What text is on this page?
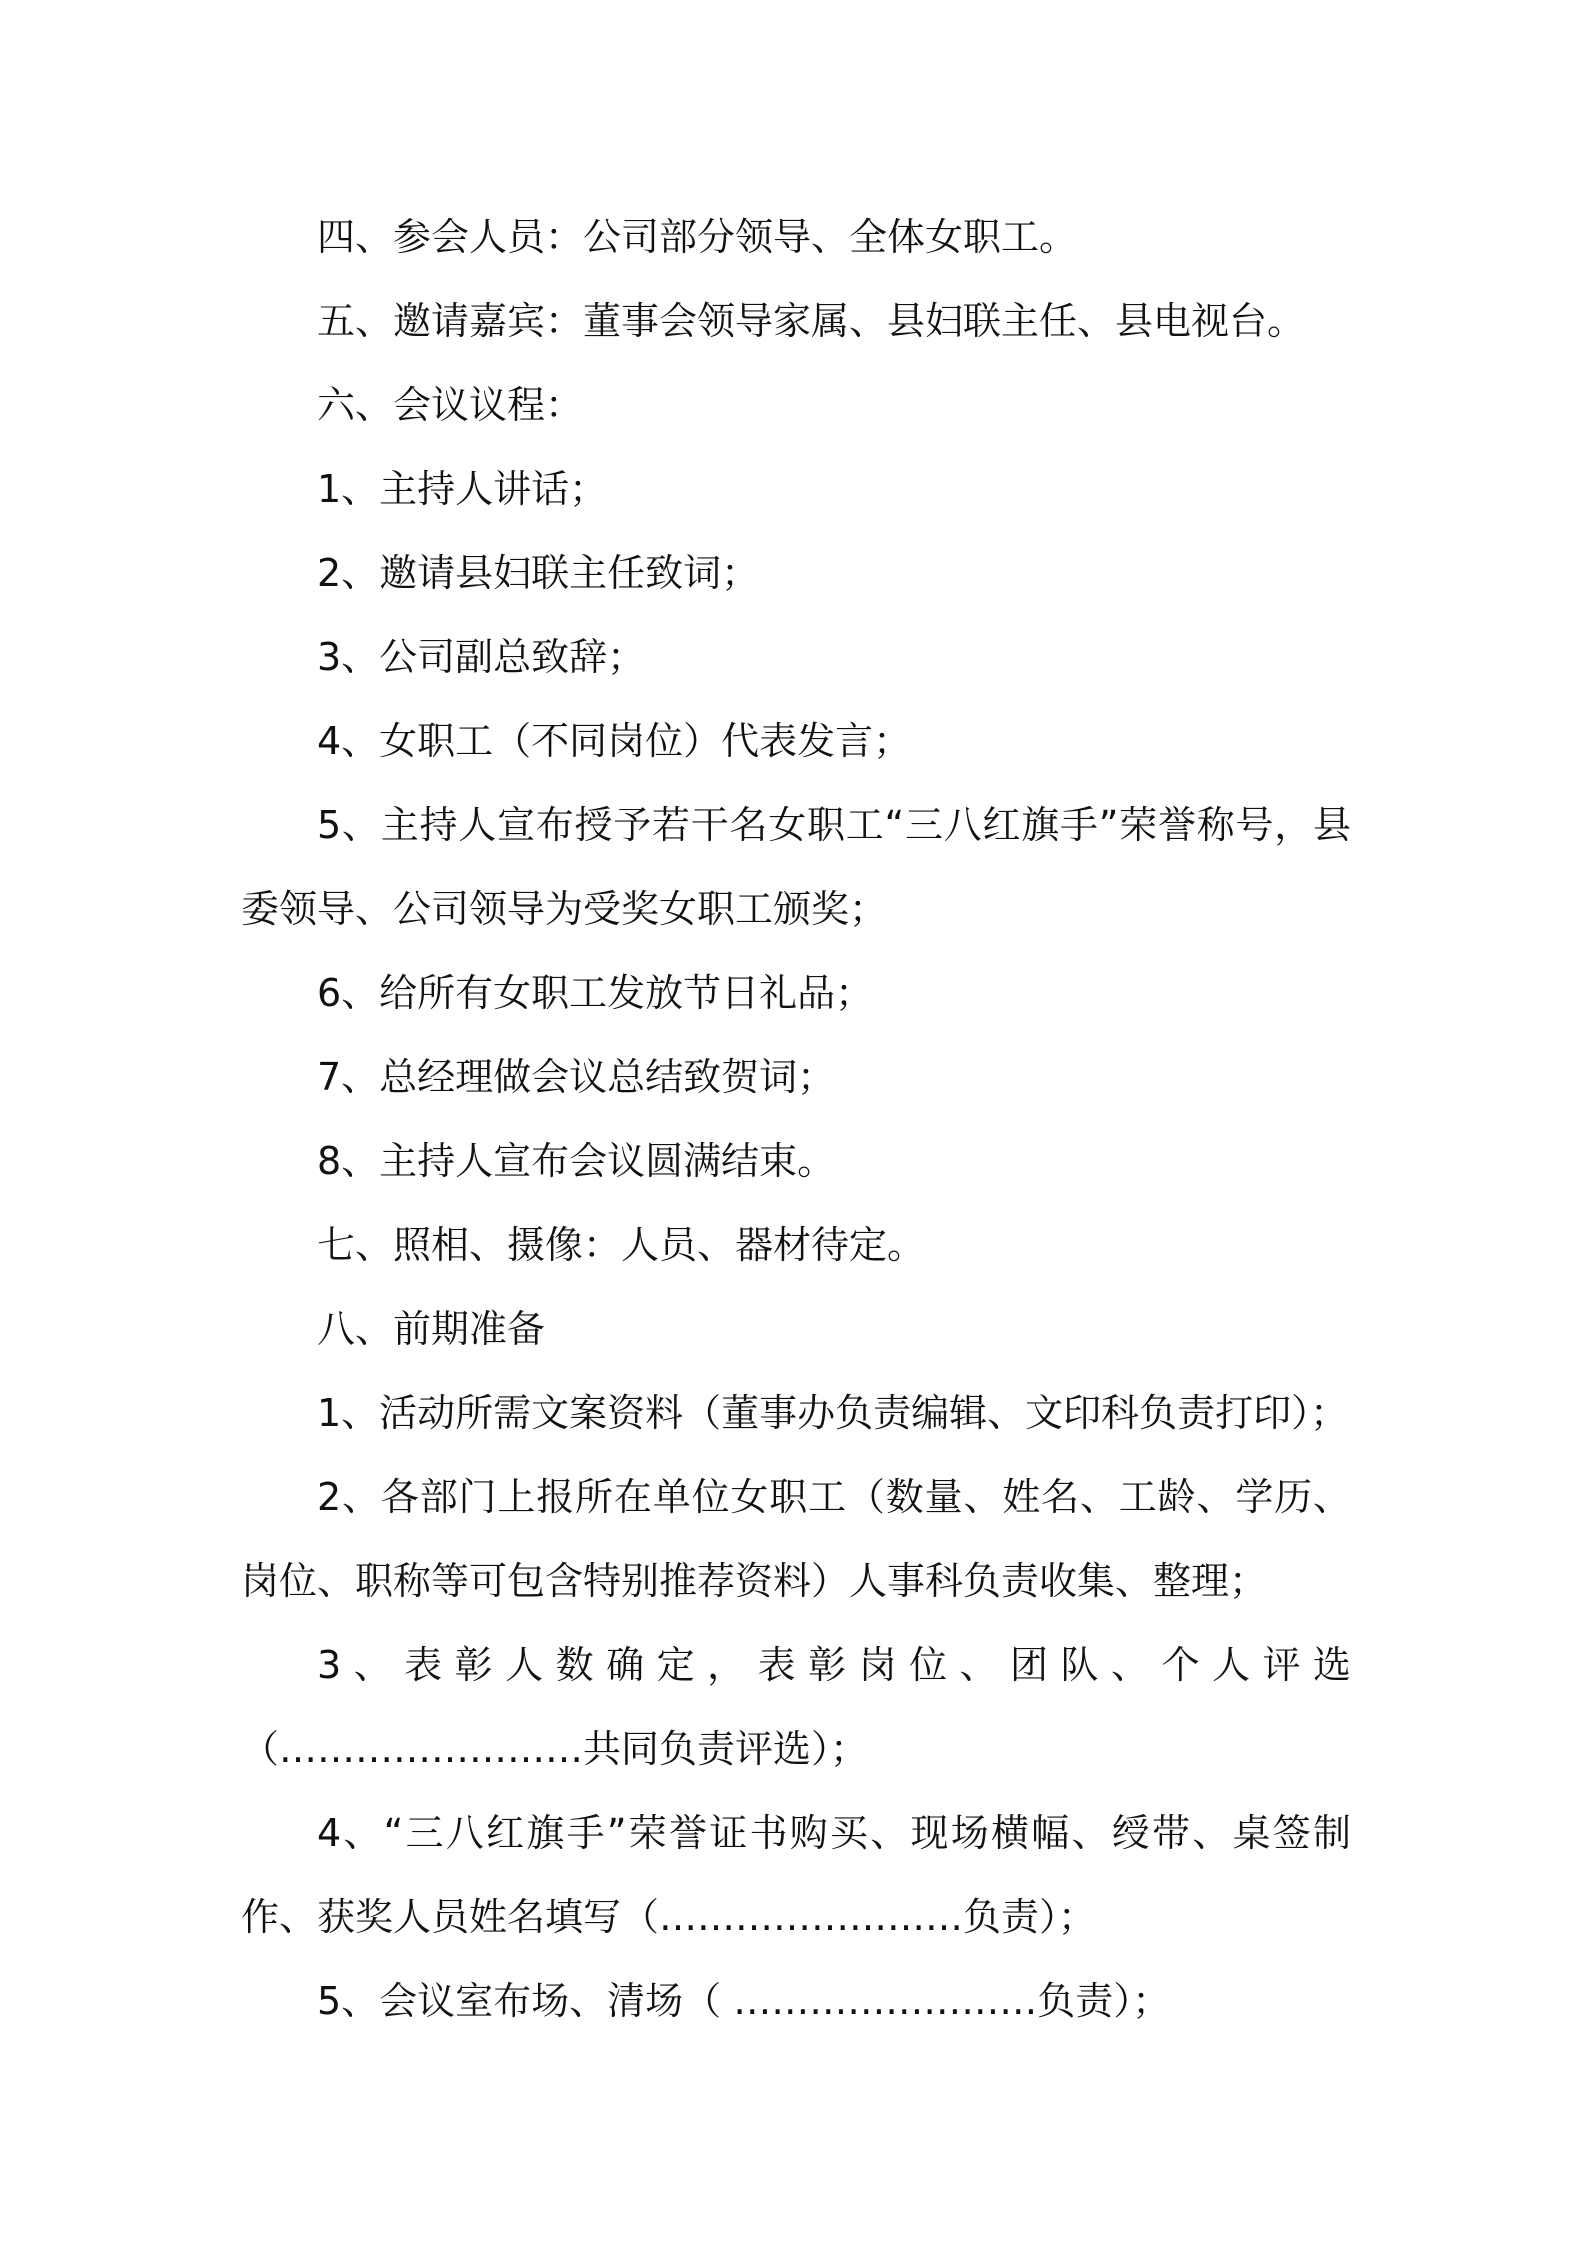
四、参会人员：公司部分领导、全体女职工。

五、邀请嘉宾：董事会领导家属、县妇联主任、县电视台。

六、会议议程：

1、主持人讲话；

2、邀请县妇联主任致词；

3、公司副总致辞；

4、女职工（不同岗位）代表发言；

5、主持人宣布授予若干名女职工“三八红旗手”荣誉称号，县委领导、公司领导为受奖女职工颁奖；

6、给所有女职工发放节日礼品；

7、总经理做会议总结致贺词；

8、主持人宣布会议圆满结束。

七、照相、摄像：人员、器材待定。

八、前期准备

1、活动所需文案资料（董事办负责编辑、文印科负责打印）；

2、各部门上报所在单位女职工（数量、姓名、工龄、学历、岗位、职称等可包含特别推荐资料）人事科负责收集、整理；

3、表彰人数确定，表彰岗位、团队、个人评选（……………………共同负责评选）；

4、“三八红旗手”荣誉证书购买、现场横幅、绶带、桌签制作、获奖人员姓名填写（……………………负责）；

5、会议室布场、清场（ ……………………负责）；
